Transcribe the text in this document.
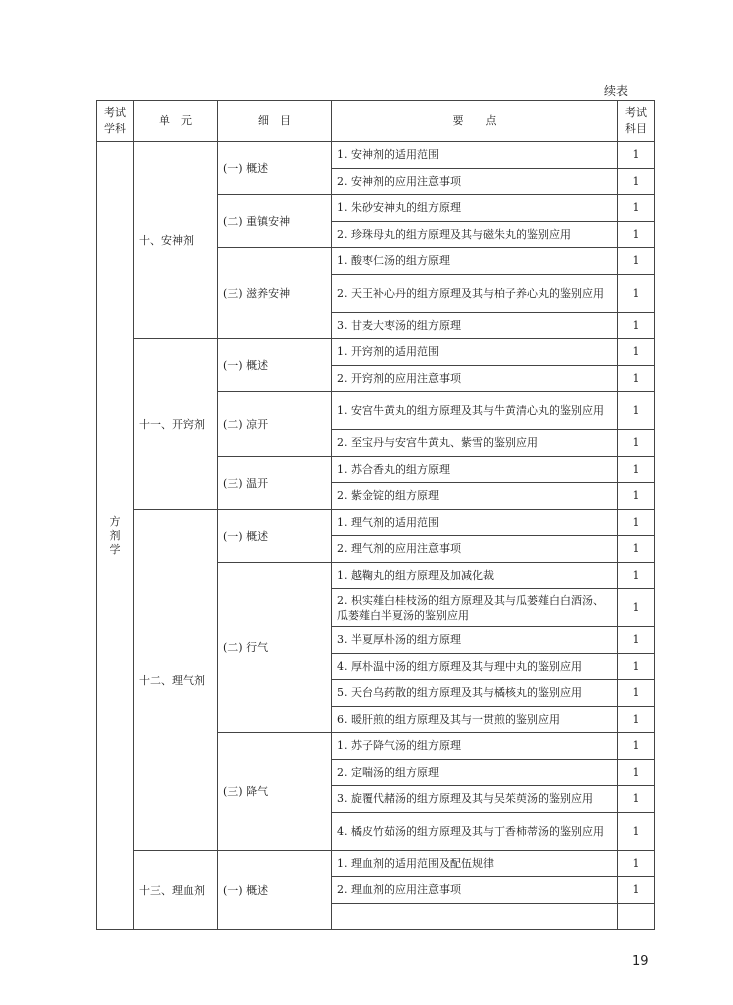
续表
考试学科	单　元	细　目	要　　点	考试科目
方剂学	十、安神剂	(一) 概述	1. 安神剂的适用范围	1
			2. 安神剂的应用注意事项	1
		(二) 重镇安神	1. 朱砂安神丸的组方原理	1
			2. 珍珠母丸的组方原理及其与磁朱丸的鉴别应用	1
		(三) 滋养安神	1. 酸枣仁汤的组方原理	1
			2. 天王补心丹的组方原理及其与柏子养心丸的鉴别应用	1
			3. 甘麦大枣汤的组方原理	1
	十一、开窍剂	(一) 概述	1. 开窍剂的适用范围	1
			2. 开窍剂的应用注意事项	1
		(二) 凉开	1. 安宫牛黄丸的组方原理及其与牛黄清心丸的鉴别应用	1
			2. 至宝丹与安宫牛黄丸、紫雪的鉴别应用	1
		(三) 温开	1. 苏合香丸的组方原理	1
			2. 紫金锭的组方原理	1
	十二、理气剂	(一) 概述	1. 理气剂的适用范围	1
			2. 理气剂的应用注意事项	1
		(二) 行气	1. 越鞠丸的组方原理及加减化裁	1
			2. 枳实薤白桂枝汤的组方原理及其与瓜蒌薤白白酒汤、瓜蒌薤白半夏汤的鉴别应用	1
			3. 半夏厚朴汤的组方原理	1
			4. 厚朴温中汤的组方原理及其与理中丸的鉴别应用	1
			5. 天台乌药散的组方原理及其与橘核丸的鉴别应用	1
			6. 暖肝煎的组方原理及其与一贯煎的鉴别应用	1
		(三) 降气	1. 苏子降气汤的组方原理	1
			2. 定喘汤的组方原理	1
			3. 旋覆代赭汤的组方原理及其与吴茱萸汤的鉴别应用	1
			4. 橘皮竹茹汤的组方原理及其与丁香柿蒂汤的鉴别应用	1
	十三、理血剂	(一) 概述	1. 理血剂的适用范围及配伍规律	1
			2. 理血剂的应用注意事项	1

19
